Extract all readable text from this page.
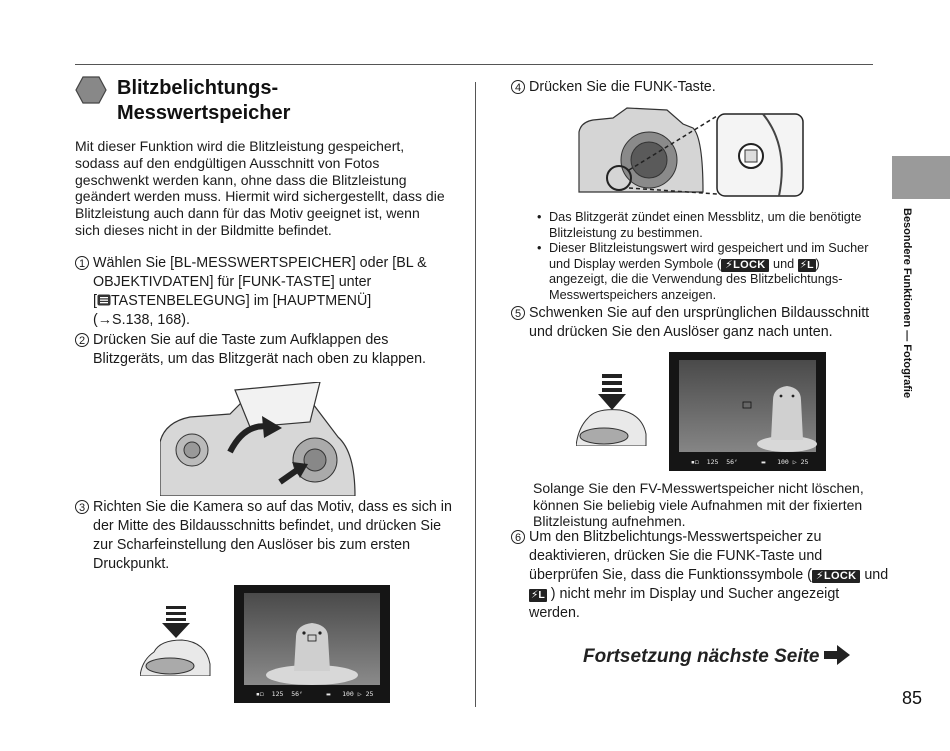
Blitzbelichtungs-
Messwertspeicher

Mit dieser Funktion wird die Blitzleistung gespeichert, sodass auf den endgültigen Ausschnitt von Fotos geschwenkt werden kann, ohne dass die Blitzleistung geändert werden muss. Hiermit wird sichergestellt, dass die Blitzleistung auch dann für das Motiv geeignet ist, wenn sich dieses nicht in der Bildmitte befindet.

1 Wählen Sie [BL-MESSWERTSPEICHER] oder [BL &

OBJEKTIVDATEN] für [FUNK-TASTE] unter

[ TASTENBELEGUNG] im [HAUPTMENÜ]

(→S.138, 168).

2 Drücken Sie auf die Taste zum Aufklappen des Blitzgeräts, um das Blitzgerät nach oben zu klappen.

3 Richten Sie die Kamera so auf das Motiv, dass es sich in der Mitte des Bildausschnitts befindet, und drücken Sie zur Scharfeinstellung den Auslöser bis zum ersten Druckpunkt.

▪◻  125  56ᶠ      ▬   100 ▷ 25
4 Drücken Sie die FUNK-Taste.

• Das Blitzgerät zündet einen Messblitz, um die benötigte Blitzleistung zu bestimmen.
• Dieser Blitzleistungswert wird gespeichert und im Sucher und Display werden Symbole ( ⚡LOCK und ⚡L ) angezeigt, die die Verwendung des Blitzbelichtungs-Messwertspeichers anzeigen.
5 Schwenken Sie auf den ursprünglichen Bildausschnitt und drücken Sie den Auslöser ganz nach unten.

▪◻  125  56ᶠ      ▬   100 ▷ 25

Solange Sie den FV-Messwertspeicher nicht löschen, können Sie beliebig viele Aufnahmen mit der fixierten Blitzleistung aufnehmen.

6 Um den Blitzbelichtungs-Messwertspeicher zu deaktivieren, drücken Sie die FUNK-Taste und überprüfen Sie, dass die Funktionssymbole ( ⚡LOCK und ⚡L ) nicht mehr im Display und Sucher angezeigt werden.

Fortsetzung nächste Seite

85
Besondere Funktionen — Fotografie
